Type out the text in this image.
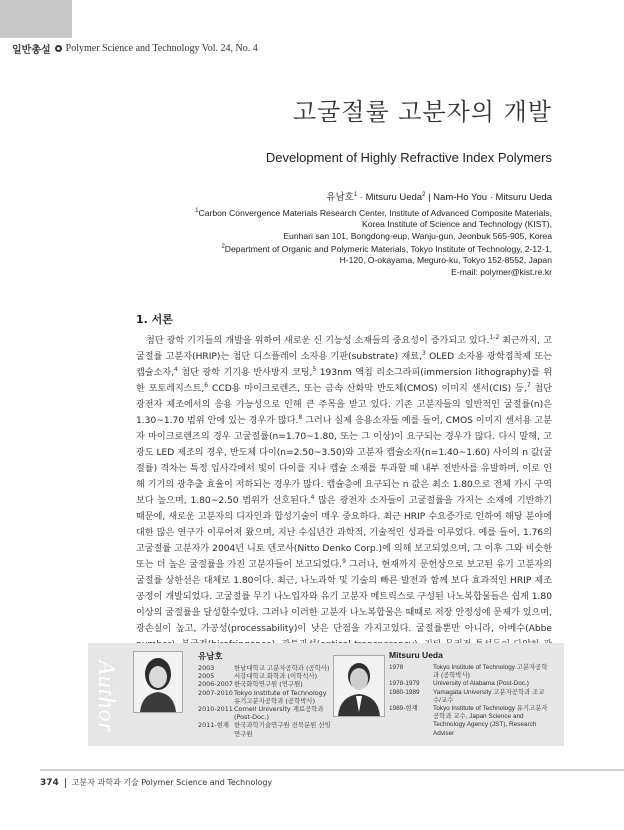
일반총설 Polymer Science and Technology Vol. 24, No. 4
고굴절률 고분자의 개발
Development of Highly Refractive Index Polymers
유남호$^1$ · Mitsuru Ueda$^2$ | Nam-Ho You · Mitsuru Ueda
$^1$Carbon Convergence Materials Research Center, Institute of Advanced Composite Materials,
Korea Institute of Science and Technology (KIST),
Eunhari san 101, Bongdong-eup, Wanju-gun, Jeonbuk 565-905, Korea
$^2$Department of Organic and Polymeric Materials, Tokyo Institute of Technology, 2-12-1,
H-120, O-okayama, Meguro-ku, Tokyo 152-8552, Japan
E-mail: polymer@kist.re.kr
1. 서론

첨단 광학 기기들의 개발을 위하여 새로운 신 기능성 소재들의 중요성이 증가되고 있다.$^{1-2}$ 최근까지, 고굴절률 고분자(HRIP)는 첨단 디스플레이 소자용 기판(substrate) 재료,$^3$ OLED 소자용 광학접착제 또는 캡슐소자,$^4$ 첨단 광학 기기용 반사방지 코팅,$^5$ 193nm 액침 리소그라피(immersion lithography)를 위한 포토레지스트,$^6$ CCD용 마이크로렌즈, 또는 금속 산화막 반도체(CMOS) 이미지 센서(CIS) 등,$^7$ 첨단 광전자 제조에서의 응용 가능성으로 인해 큰 주목을 받고 있다. 기존 고분자들의 일반적인 굴절률(n)은 1.30~1.70 범위 안에 있는 경우가 많다.$^8$ 그러나 실제 응용소자들 예를 들어, CMOS 이미지 센서용 고분자 마이크로렌즈의 경우 고굴절률(n=1.70~1.80, 또는 그 이상)이 요구되는 경우가 많다. 다시 말해, 고광도 LED 제조의 경우, 반도체 다이(n=2.50~3.50)와 고분자 캡슐소자(n=1.40~1.60) 사이의 n 값(굴절률) 격차는 특정 입사각에서 빛이 다이를 지나 캡슐 소재를 투과할 때 내부 전반사를 유발하며, 이로 인해 기기의 광추출 효율이 저하되는 경우가 많다. 캡슐층에 요구되는 n 값은 최소 1.80으로 전체 가시 구역보다 높으며, 1.80~2.50 범위가 선호된다.$^4$ 많은 광전자 소자들이 고굴절률을 가지는 소재에 기반하기 때문에, 새로운 고분자의 디자인과 합성기술이 매우 중요하다. 최근 HRIP 수요증가로 인하여 해당 분야에 대한 많은 연구가 이루어져 왔으며, 지난 수십년간 과학적, 기술적인 성과를 이루었다. 예를 들어, 1.76의 고굴절률 고분자가 2004년 니토 덴코사(Nitto Denko Corp.)에 의해 보고되었으며, 그 이후 그와 비슷한 또는 더 높은 굴절률을 가진 고분자들이 보고되었다.$^9$ 그러나, 현재까지 문헌상으로 보고된 유기 고분자의 굴절률 상한선은 대체로 1.80이다. 최근, 나노과학 및 기술의 빠른 발전과 함께 보다 효과적인 HRIP 제조공정이 개발되었다. 고굴절률 무기 나노입자와 유기 고분자 메트릭스로 구성된 나노복합물들은 쉽게 1.80 이상의 굴절률을 달성할수있다. 그러나 이러한 고분자 나노복합물은 때때로 저장 안정성에 문제가 있으며, 광손실이 높고, 가공성(processability)이 낮은 단점을 가지고있다. 굴절률뿐만 아니라, 아베수(Abbe

Author
유남호
2003	한남대학교 고분자공학과 (공학사)
2005	서강대학교 화학과 (이학석사)
2006-2007 한국화학연구원 (연구원)
2007-2010 Tokyo Institute of Technology 유기고분자공학과 (공학박사)
2010-2011 Cornell University 재료공학과 (Post-Doc.)
2011-현재 한국과학기술연구원 전북분원 선임연구원
Mitsuru Ueda
1978	Tokyo Institute of Technology 고분자공학과 (공학박사)
1978-1979	University of Alabama (Post-Doc.)
1980-1989	Yamagata University 고분자공학과 조교수/교수
1989-현재	Tokyo Institute of Technology 유기고분자공학과 교수, Japan Science and Technology Agency (JST), Research Adviser
374 고분자 과학과 기술 Polymer Science and Technology
